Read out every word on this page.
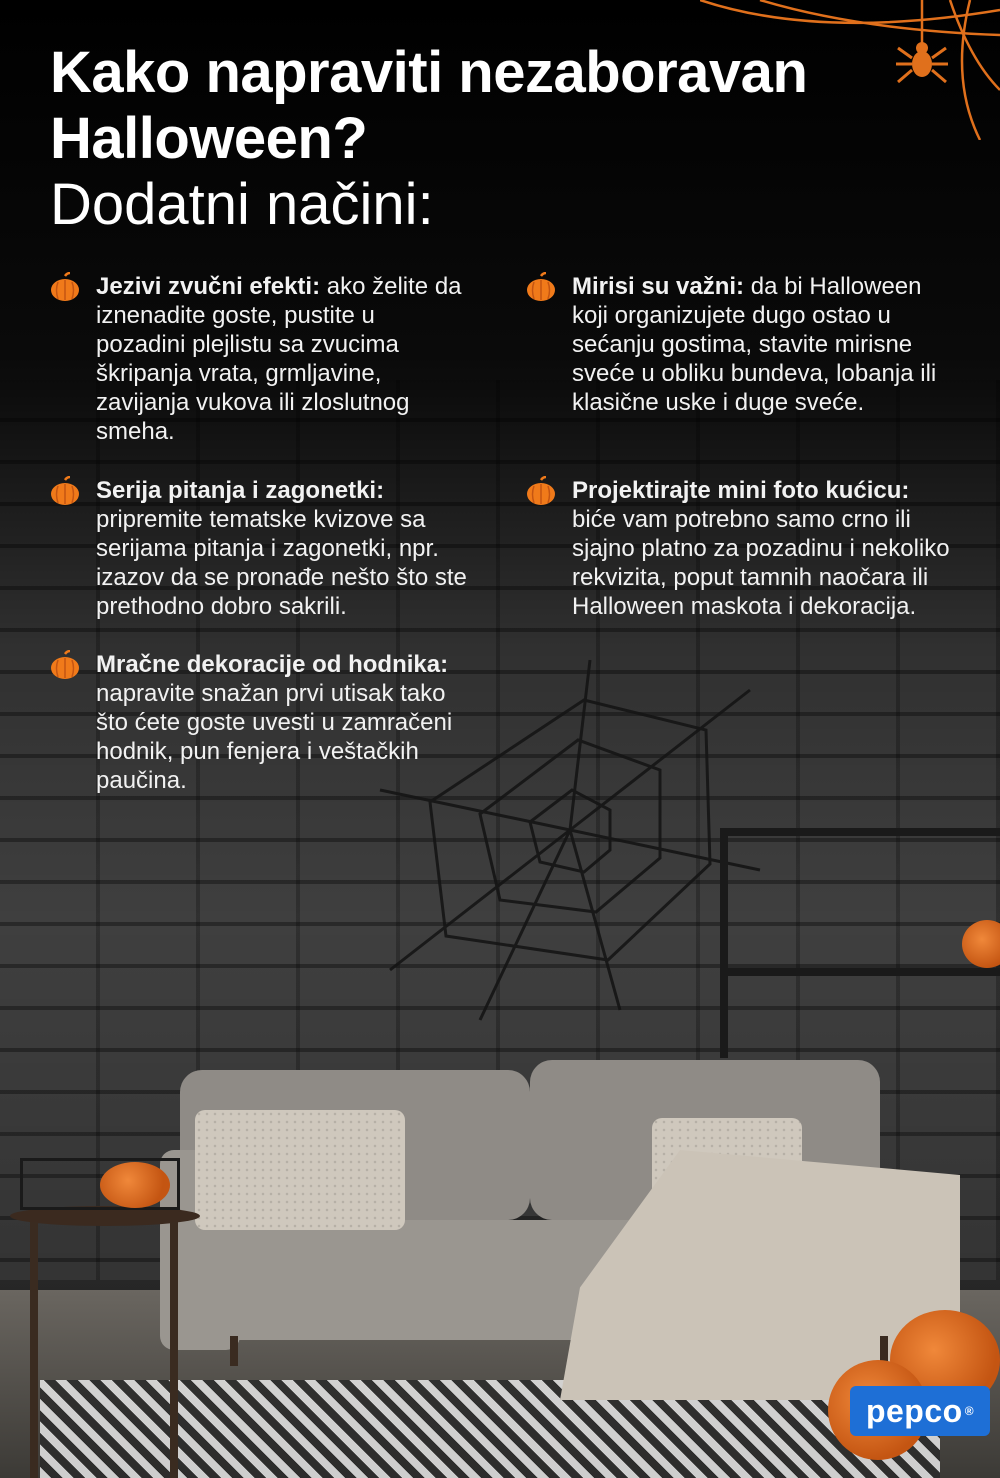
Kako napraviti nezaboravan Halloween?
Dodatni načini:
Jezivi zvučni efekti: ako želite da iznenadite goste, pustite u pozadini plejlistu sa zvucima škripanja vrata, grmljavine, zavijanja vukova ili zloslutnog smeha.
Serija pitanja i zagonetki: pripremite tematske kvizove sa serijama pitanja i zagonetki, npr. izazov da se pronađe nešto što ste prethodno dobro sakrili.
Mračne dekoracije od hodnika: napravite snažan prvi utisak tako što ćete goste uvesti u zamračeni hodnik, pun fenjera i veštačkih paučina.
Mirisi su važni: da bi Halloween koji organizujete dugo ostao u sećanju gostima, stavite mirisne sveće u obliku bundeva, lobanja ili klasične uske i duge sveće.
Projektirajte mini foto kućicu: biće vam potrebno samo crno ili sjajno platno za pozadinu i nekoliko rekvizita, poput tamnih naočara ili Halloween maskota i dekoracija.
pepco ®
